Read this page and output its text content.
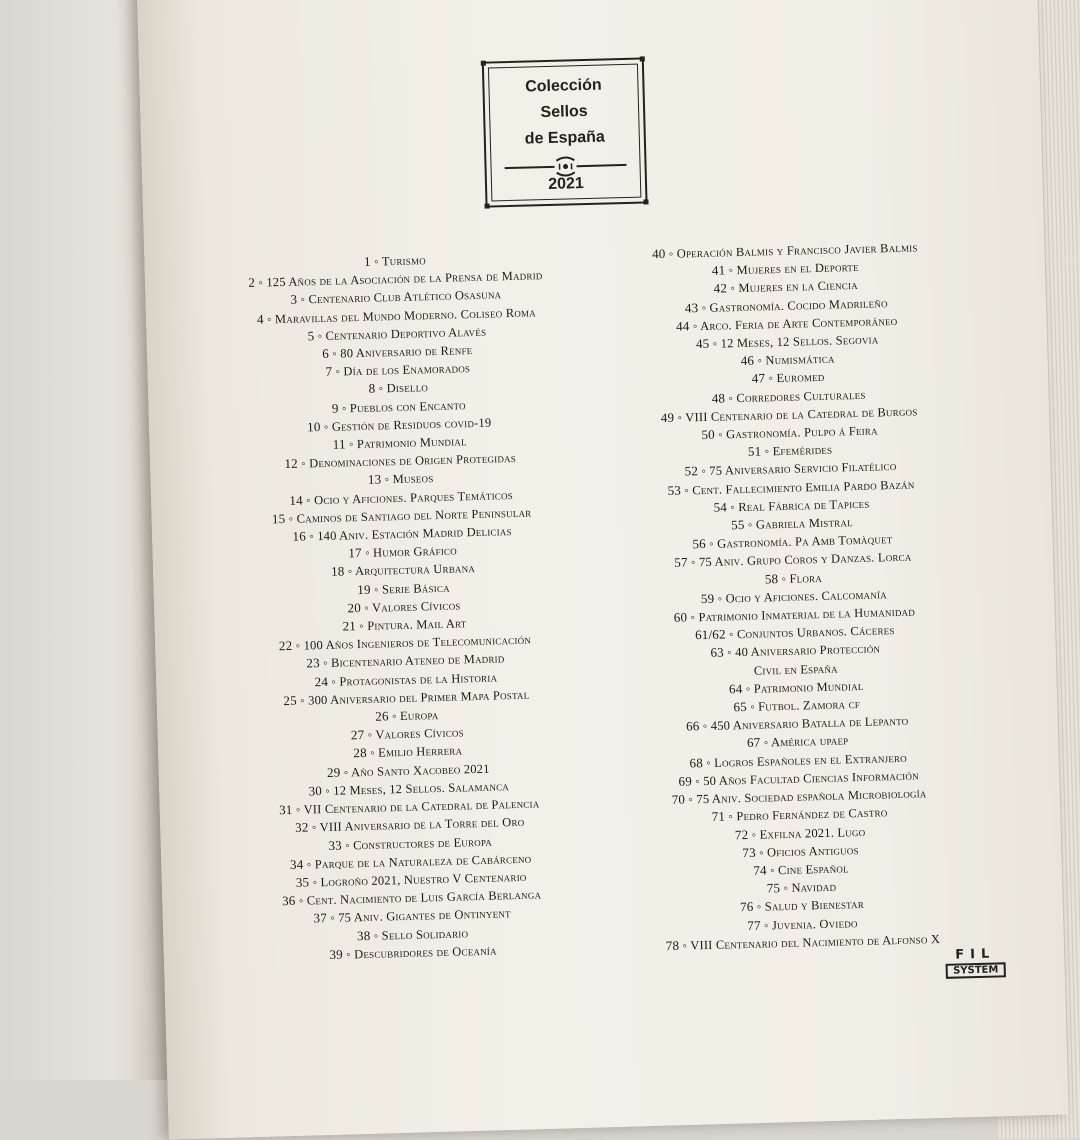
Colección
Sellos
de España
2021
1 ◦ Turismo
2 ◦ 125 Años de la Asociación de la Prensa de Madrid
3 ◦ Centenario Club Atlético Osasuna
4 ◦ Maravillas del Mundo Moderno. Coliseo Roma
5 ◦ Centenario Deportivo Alavés
6 ◦ 80 Aniversario de Renfe
7 ◦ Día de los Enamorados
8 ◦ Disello
9 ◦ Pueblos con Encanto
10 ◦ Gestión de Residuos covid-19
11 ◦ Patrimonio Mundial
12 ◦ Denominaciones de Origen Protegidas
13 ◦ Museos
14 ◦ Ocio y Aficiones. Parques Temáticos
15 ◦ Caminos de Santiago del Norte Peninsular
16 ◦ 140 Aniv. Estación Madrid Delicias
17 ◦ Humor Gráfico
18 ◦ Arquitectura Urbana
19 ◦ Serie Básica
20 ◦ Valores Cívicos
21 ◦ Pintura. Mail Art
22 ◦ 100 Años Ingenieros de Telecomunicación
23 ◦ Bicentenario Ateneo de Madrid
24 ◦ Protagonistas de la Historia
25 ◦ 300 Aniversario del Primer Mapa Postal
26 ◦ Europa
27 ◦ Valores Cívicos
28 ◦ Emilio Herrera
29 ◦ Año Santo Xacobeo 2021
30 ◦ 12 Meses, 12 Sellos. Salamanca
31 ◦ VII Centenario de la Catedral de Palencia
32 ◦ VIII Aniversario de la Torre del Oro
33 ◦ Constructores de Europa
34 ◦ Parque de la Naturaleza de Cabárceno
35 ◦ Logroño 2021, Nuestro V Centenario
36 ◦ Cent. Nacimiento de Luis García Berlanga
37 ◦ 75 Aniv. Gigantes de Ontinyent
38 ◦ Sello Solidario
39 ◦ Descubridores de Oceanía
40 ◦ Operación Balmis y Francisco Javier Balmis
41 ◦ Mujeres en el Deporte
42 ◦ Mujeres en la Ciencia
43 ◦ Gastronomía. Cocido Madrileño
44 ◦ Arco. Feria de Arte Contemporáneo
45 ◦ 12 Meses, 12 Sellos. Segovia
46 ◦ Numismática
47 ◦ Euromed
48 ◦ Corredores Culturales
49 ◦ VIII Centenario de la Catedral de Burgos
50 ◦ Gastronomía. Pulpo á Feira
51 ◦ Efemérides
52 ◦ 75 Aniversario Servicio Filatélico
53 ◦ Cent. Fallecimiento Emilia Pardo Bazán
54 ◦ Real Fábrica de Tapices
55 ◦ Gabriela Mistral
56 ◦ Gastronomía. Pa Amb Tomàquet
57 ◦ 75 Aniv. Grupo Coros y Danzas. Lorca
58 ◦ Flora
59 ◦ Ocio y Aficiones. Calcomanía
60 ◦ Patrimonio Inmaterial de la Humanidad
61/62 ◦ Conjuntos Urbanos. Cáceres
63 ◦ 40 Aniversario Protección
Civil en España
64 ◦ Patrimonio Mundial
65 ◦ Futbol. Zamora cf
66 ◦ 450 Aniversario Batalla de Lepanto
67 ◦ América upaep
68 ◦ Logros Españoles en el Extranjero
69 ◦ 50 Años Facultad Ciencias Información
70 ◦ 75 Aniv. Sociedad española Microbiología
71 ◦ Pedro Fernández de Castro
72 ◦ Exfilna 2021. Lugo
73 ◦ Oficios Antiguos
74 ◦ Cine Español
75 ◦ Navidad
76 ◦ Salud y Bienestar
77 ◦ Juvenia. Oviedo
78 ◦ VIII Centenario del Nacimiento de Alfonso X
FIL
SYSTEM
